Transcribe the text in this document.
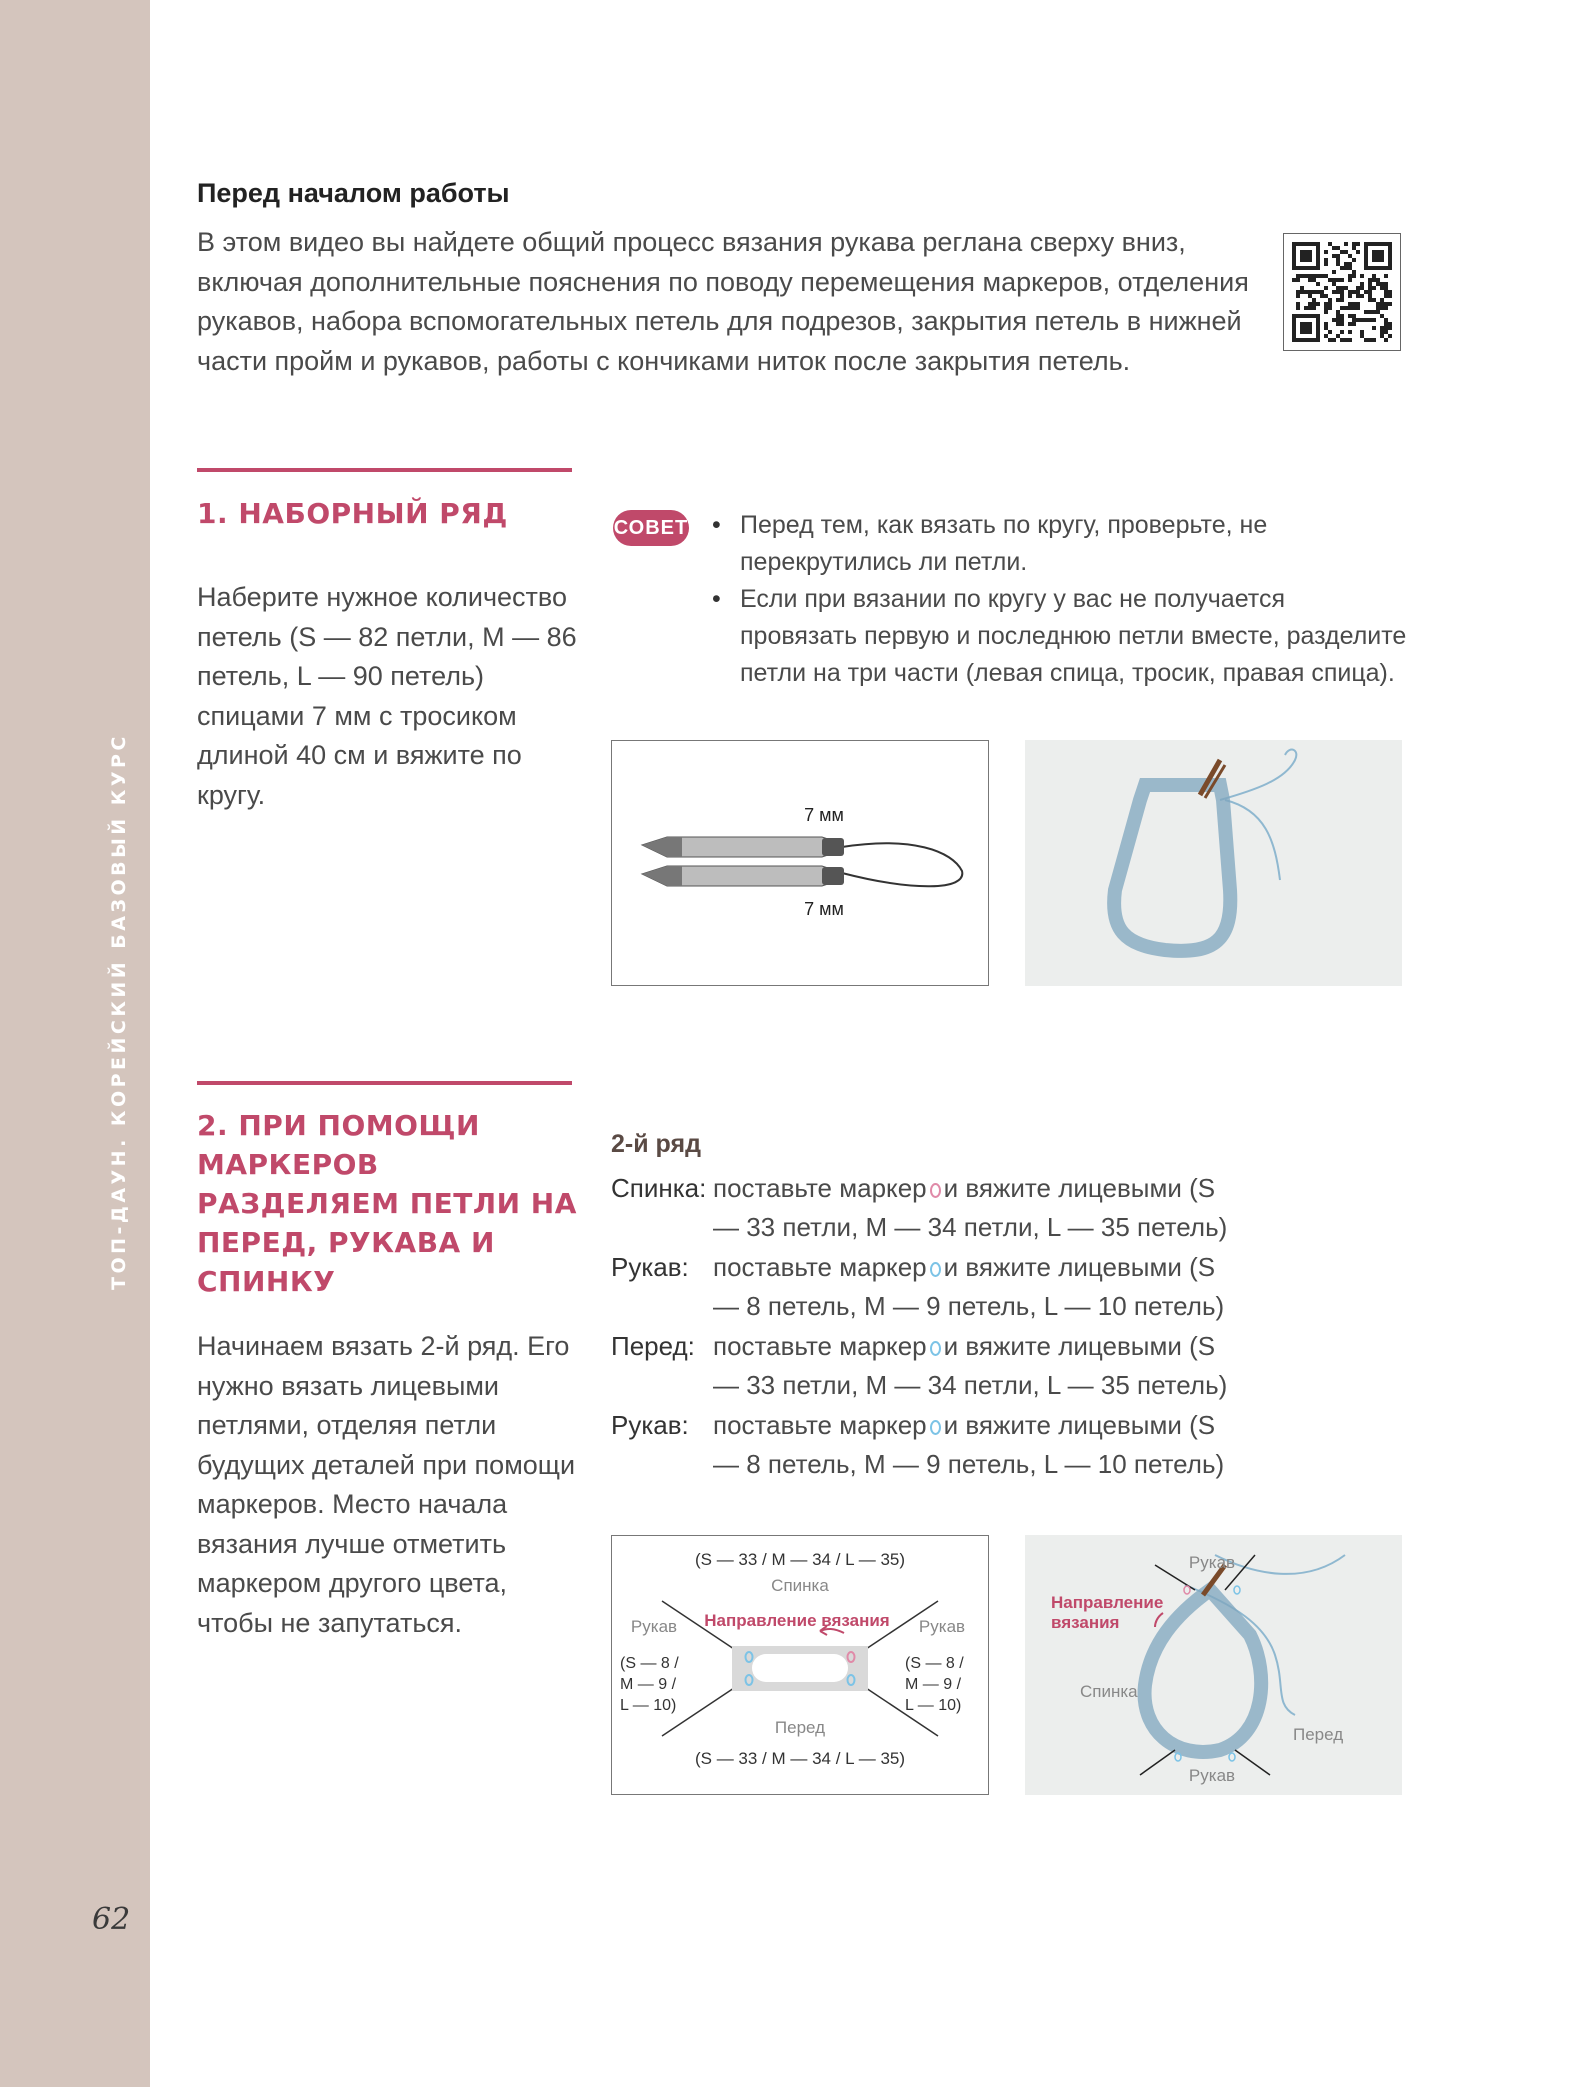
ТОП-ДАУН. КОРЕЙСКИЙ БАЗОВЫЙ КУРС
62
Перед началом работы
В этом видео вы найдете общий процесс вязания рукава реглана сверху вниз, включая дополнительные пояснения по поводу перемещения маркеров, отделения рукавов, набора вспомогательных петель для подрезов, закрытия петель в нижней части пройм и рукавов, работы с кончиками ниток после закрытия петель.
1. НАБОРНЫЙ РЯД
Наберите нужное количество петель (S — 82 петли, M — 86 петель, L — 90 петель) спицами 7 мм с тросиком длиной 40 см и вяжите по кругу.
СОВЕТ • Перед тем, как вязать по кругу, проверьте, не перекрутились ли петли.
• Если при вязании по кругу у вас не получается провязать первую и последнюю петли вместе, разделите петли на три части (левая спица, тросик, правая спица).
7 мм
7 мм
2. ПРИ ПОМОЩИ МАРКЕРОВ РАЗДЕЛЯЕМ ПЕТЛИ НА ПЕРЕД, РУКАВА И СПИНКУ
Начинаем вязать 2-й ряд. Его нужно вязать лицевыми петлями, отделяя петли будущих деталей при помощи маркеров. Место начала вязания лучше отметить маркером другого цвета, чтобы не запутаться.
2-й ряд
Спинка: поставьте маркер и вяжите лицевыми (S — 33 петли, M — 34 петли, L — 35 петель)
Рукав: поставьте маркер и вяжите лицевыми (S — 8 петель, M — 9 петель, L — 10 петель)
Перед: поставьте маркер и вяжите лицевыми (S — 33 петли, M — 34 петли, L — 35 петель)
Рукав: поставьте маркер и вяжите лицевыми (S — 8 петель, M — 9 петель, L — 10 петель)
(S — 33 / M — 34 / L — 35)
Спинка
Направление вязания
Рукав	Рукав
(S — 8 /
M — 9 /
L — 10)
(S — 8 /
M — 9 /
L — 10)
Перед
(S — 33 / M — 34 / L — 35)
Рукав
Направление
вязания
Спинка
Перед
Рукав
